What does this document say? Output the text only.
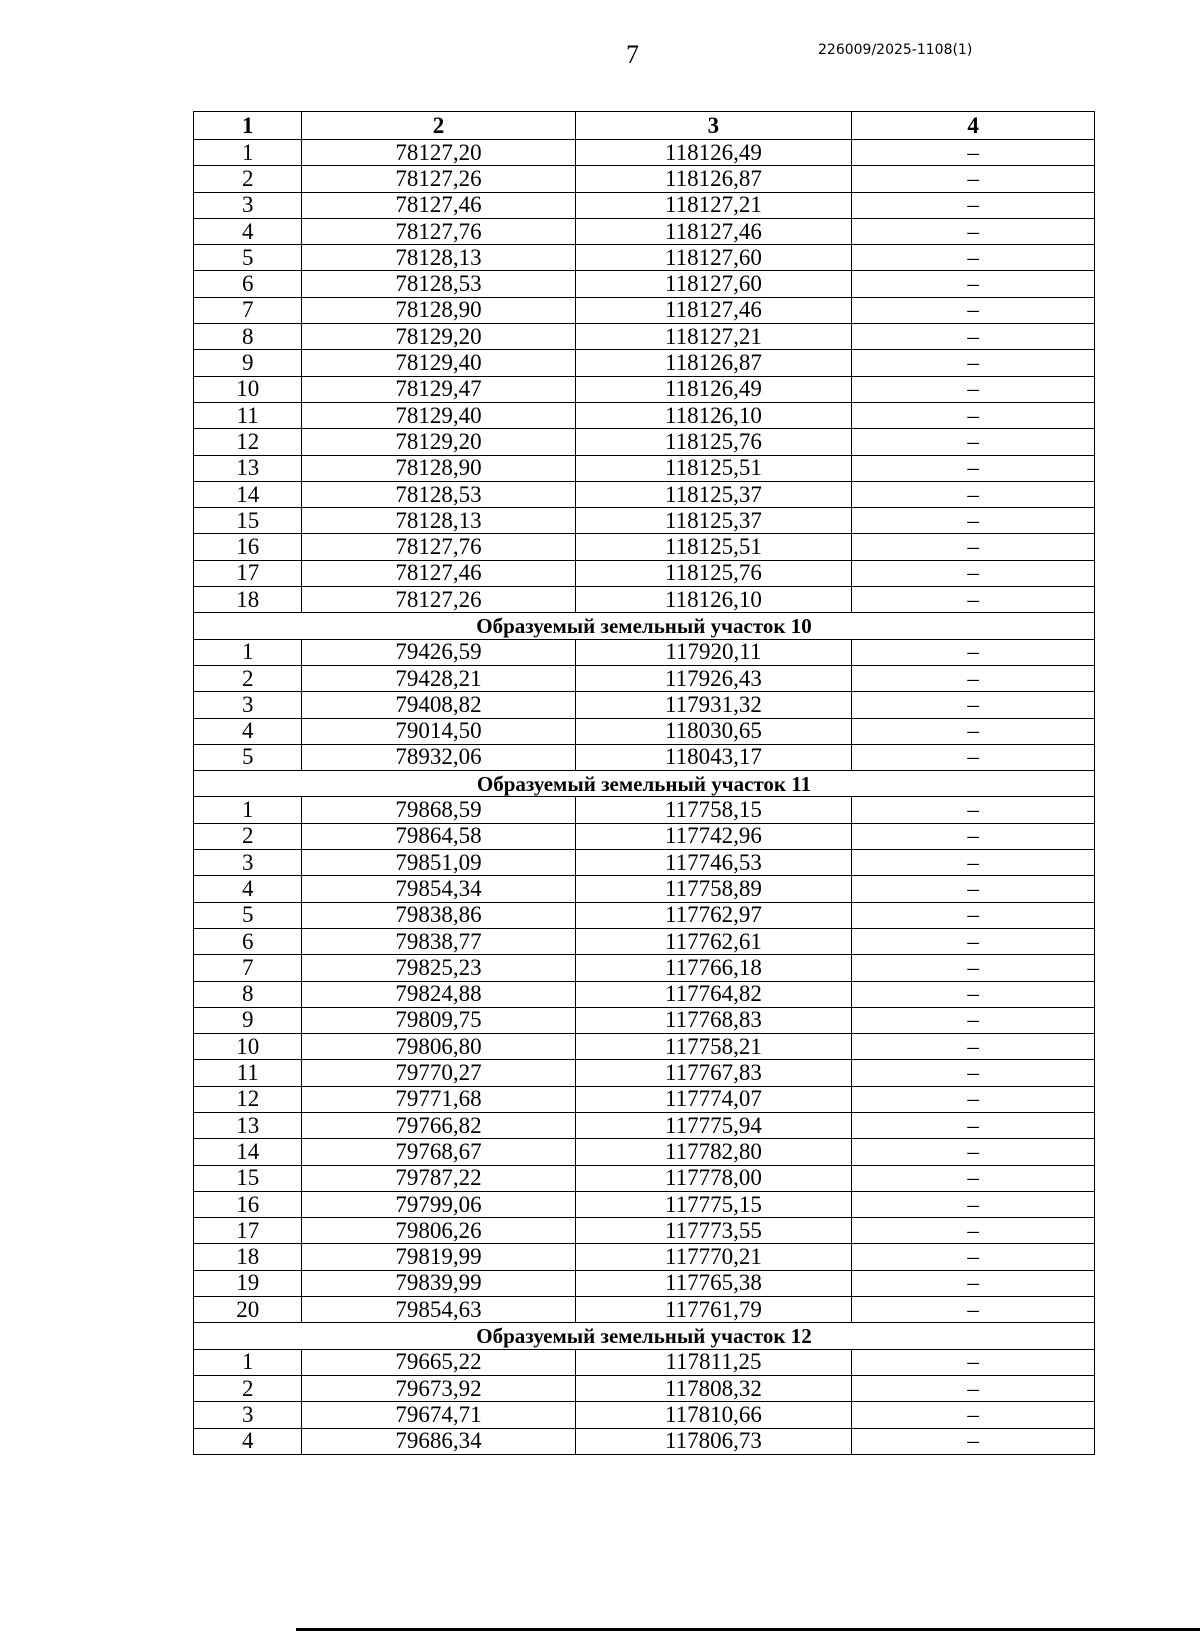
7	226009/2025-1108(1)
1	2	3	4
1	78127,20	118126,49	–
2	78127,26	118126,87	–
3	78127,46	118127,21	–
4	78127,76	118127,46	–
5	78128,13	118127,60	–
6	78128,53	118127,60	–
7	78128,90	118127,46	–
8	78129,20	118127,21	–
9	78129,40	118126,87	–
10	78129,47	118126,49	–
11	78129,40	118126,10	–
12	78129,20	118125,76	–
13	78128,90	118125,51	–
14	78128,53	118125,37	–
15	78128,13	118125,37	–
16	78127,76	118125,51	–
17	78127,46	118125,76	–
18	78127,26	118126,10	–
Образуемый земельный участок 10			
1	79426,59	117920,11	–
2	79428,21	117926,43	–
3	79408,82	117931,32	–
4	79014,50	118030,65	–
5	78932,06	118043,17	–
Образуемый земельный участок 11			
1	79868,59	117758,15	–
2	79864,58	117742,96	–
3	79851,09	117746,53	–
4	79854,34	117758,89	–
5	79838,86	117762,97	–
6	79838,77	117762,61	–
7	79825,23	117766,18	–
8	79824,88	117764,82	–
9	79809,75	117768,83	–
10	79806,80	117758,21	–
11	79770,27	117767,83	–
12	79771,68	117774,07	–
13	79766,82	117775,94	–
14	79768,67	117782,80	–
15	79787,22	117778,00	–
16	79799,06	117775,15	–
17	79806,26	117773,55	–
18	79819,99	117770,21	–
19	79839,99	117765,38	–
20	79854,63	117761,79	–
Образуемый земельный участок 12			
1	79665,22	117811,25	–
2	79673,92	117808,32	–
3	79674,71	117810,66	–
4	79686,34	117806,73	–
